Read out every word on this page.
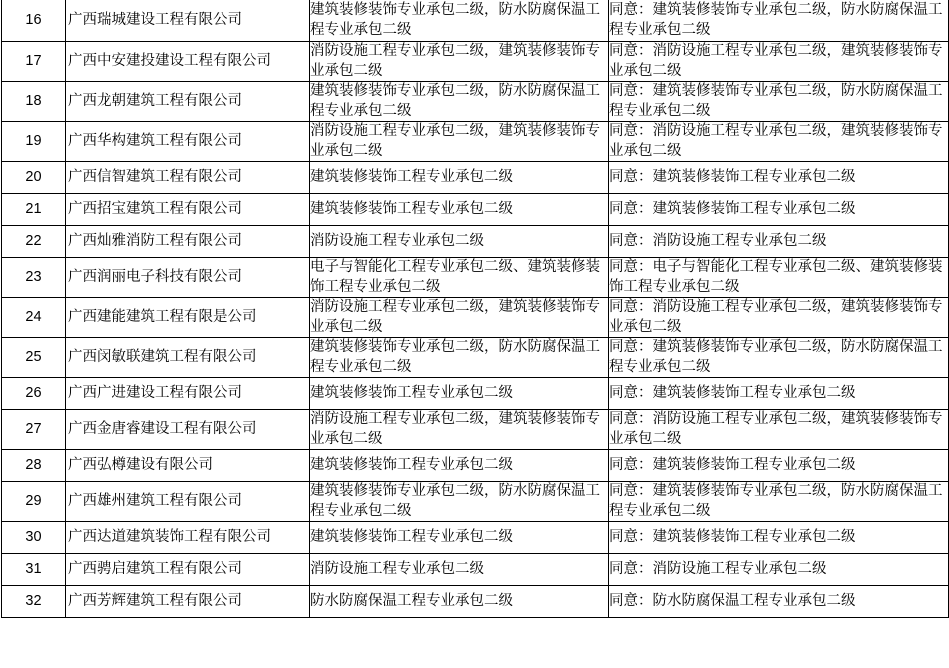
16	广西瑞城建设工程有限公司	建筑装修装饰专业承包二级，防水防腐保温工程专业承包二级	同意：建筑装修装饰专业承包二级，防水防腐保温工程专业承包二级
17	广西中安建投建设工程有限公司	消防设施工程专业承包二级，建筑装修装饰专业承包二级	同意：消防设施工程专业承包二级，建筑装修装饰专业承包二级
18	广西龙朝建筑工程有限公司	建筑装修装饰专业承包二级，防水防腐保温工程专业承包二级	同意：建筑装修装饰专业承包二级，防水防腐保温工程专业承包二级
19	广西华构建筑工程有限公司	消防设施工程专业承包二级，建筑装修装饰专业承包二级	同意：消防设施工程专业承包二级，建筑装修装饰专业承包二级
20	广西信智建筑工程有限公司	建筑装修装饰工程专业承包二级	同意：建筑装修装饰工程专业承包二级
21	广西招宝建筑工程有限公司	建筑装修装饰工程专业承包二级	同意：建筑装修装饰工程专业承包二级
22	广西灿雅消防工程有限公司	消防设施工程专业承包二级	同意：消防设施工程专业承包二级
23	广西润丽电子科技有限公司	电子与智能化工程专业承包二级、建筑装修装饰工程专业承包二级	同意：电子与智能化工程专业承包二级、建筑装修装饰工程专业承包二级
24	广西建能建筑工程有限是公司	消防设施工程专业承包二级，建筑装修装饰专业承包二级	同意：消防设施工程专业承包二级，建筑装修装饰专业承包二级
25	广西闵敏联建筑工程有限公司	建筑装修装饰专业承包二级，防水防腐保温工程专业承包二级	同意：建筑装修装饰专业承包二级，防水防腐保温工程专业承包二级
26	广西广进建设工程有限公司	建筑装修装饰工程专业承包二级	同意：建筑装修装饰工程专业承包二级
27	广西金唐睿建设工程有限公司	消防设施工程专业承包二级，建筑装修装饰专业承包二级	同意：消防设施工程专业承包二级，建筑装修装饰专业承包二级
28	广西弘樽建设有限公司	建筑装修装饰工程专业承包二级	同意：建筑装修装饰工程专业承包二级
29	广西雄州建筑工程有限公司	建筑装修装饰专业承包二级，防水防腐保温工程专业承包二级	同意：建筑装修装饰专业承包二级，防水防腐保温工程专业承包二级
30	广西达道建筑装饰工程有限公司	建筑装修装饰工程专业承包二级	同意：建筑装修装饰工程专业承包二级
31	广西骋启建筑工程有限公司	消防设施工程专业承包二级	同意：消防设施工程专业承包二级
32	广西芳辉建筑工程有限公司	防水防腐保温工程专业承包二级	同意：防水防腐保温工程专业承包二级
